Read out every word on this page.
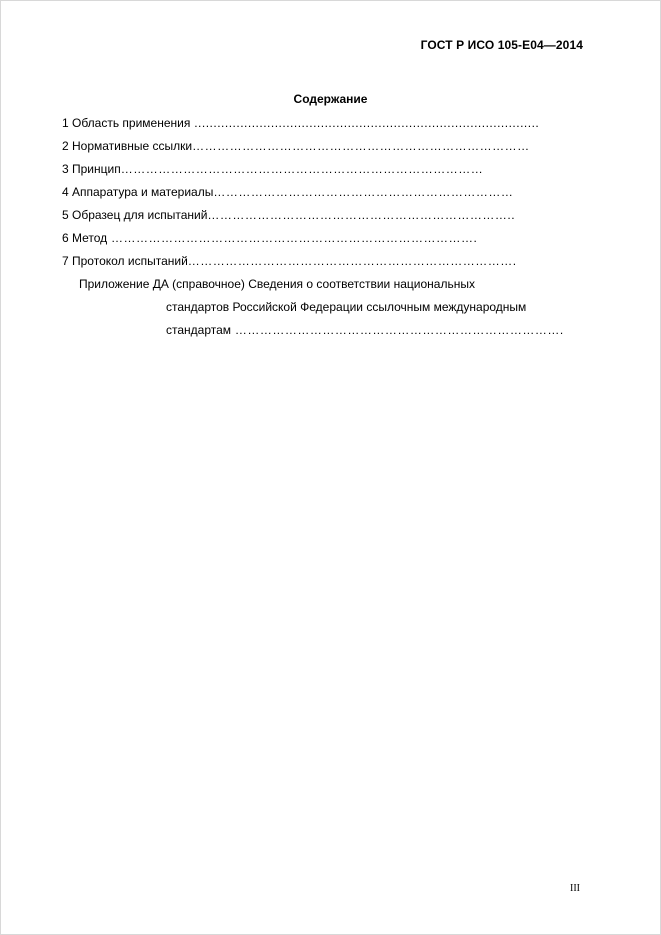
ГОСТ Р ИСО 105-Е04—2014
Содержание
1 Область применения ..........................................................................................
2 Нормативные ссылки………………………………………………………………………
3 Принцип……………………………………………………………………………
4 Аппаратура и материалы………………………………………………………………
5 Образец для испытаний………………………………………………………………..
6 Метод …………………………………………………………………………….
7 Протокол испытаний…………………………………………………………………….
Приложение ДА (справочное) Сведения о соответствии национальных
стандартов Российской Федерации ссылочным международным
стандартам …………………………………………………………………….
III
